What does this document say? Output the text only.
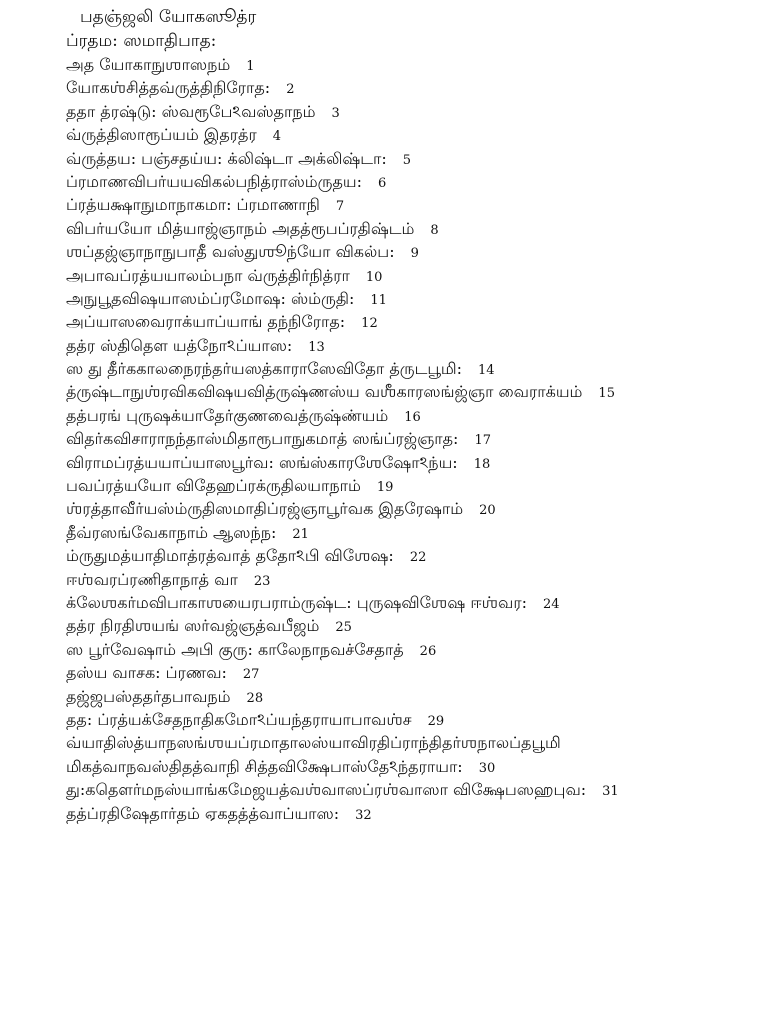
பதஞ்ஜலி யோகஸூத்ர
ப்ரதம: ஸமாதிபாத:
அத யோகாநுஶாஸநம் 1
யோகஶ்சித்தவ்ருத்திநிரோத: 2
ததா த்ரஷ்டு: ஸ்வரூபேঽவஸ்தாநம் 3
வ்ருத்திஸாரூப்யம் இதரத்ர 4
வ்ருத்தய: பஞ்சதய்ய: க்லிஷ்டா அக்லிஷ்டா: 5
ப்ரமாணவிபர்யயவிகல்பநித்ராஸ்ம்ருதய: 6
ப்ரத்யக்ஷாநுமாநாகமா: ப்ரமாணாநி 7
விபர்யயோ மித்யாஜ்ஞாநம் அதத்ரூபப்ரதிஷ்டம் 8
ஶப்தஜ்ஞாநாநுபாதீ வஸ்துஶூந்யோ விகல்ப: 9
அபாவப்ரத்யயாலம்பநா வ்ருத்திர்நித்ரா 10
அநுபூதவிஷயாஸம்ப்ரமோஷ: ஸ்ம்ருதி: 11
அப்யாஸவைராக்யாப்யாங் தந்நிரோத: 12
தத்ர ஸ்திதௌ யத்நோঽப்யாஸ: 13
ஸ து தீர்ககாலநைரந்தர்யஸத்காராஸேவிதோ த்ருடபூமி: 14
த்ருஷ்டாநுஶ்ரவிகவிஷயவித்ருஷ்ணஸ்ய வஶீகாரஸங்ஜ்ஞா வைராக்யம் 15
தத்பரங் புருஷக்யாதேர்குணவைத்ருஷ்ண்யம் 16
விதர்கவிசாராநந்தாஸ்மிதாரூபாநுகமாத் ஸங்ப்ரஜ்ஞாத: 17
விராமப்ரத்யயாப்யாஸபூர்வ: ஸங்ஸ்காரஶேஷோঽந்ய: 18
பவப்ரத்யயோ விதேஹப்ரக்ருதிலயாநாம் 19
ஶ்ரத்தாவீர்யஸ்ம்ருதிஸமாதிப்ரஜ்ஞாபூர்வக இதரேஷாம் 20
தீவ்ரஸங்வேகாநாம் ஆஸந்ந: 21
ம்ருதுமத்யாதிமாத்ரத்வாத் ததோঽபி விஶேஷ: 22
ஈஶ்வரப்ரணிதாநாத் வா 23
க்லேஶகர்மவிபாகாஶயைரபராம்ருஷ்ட: புருஷவிஶேஷ ஈஶ்வர: 24
தத்ர நிரதிஶயங் ஸர்வஜ்ஞத்வபீஜம் 25
ஸ பூர்வேஷாம் அபி குரு: காலேநாநவச்சேதாத் 26
தஸ்ய வாசக: ப்ரணவ: 27
தஜ்ஜபஸ்ததர்தபாவநம் 28
தத: ப்ரத்யக்சேதநாதிகமோঽப்யந்தராயாபாவஶ்ச 29
வ்யாதிஸ்த்யாநஸங்ஶயப்ரமாதாலஸ்யாவிரதிப்ராந்திதர்ஶநாலப்தபூமி
மிகத்வாநவஸ்திதத்வாநி சித்தவிக்ஷேபாஸ்தேঽந்தராயா: 30
து:கதௌர்மநஸ்யாங்கமேஜயத்வஶ்வாஸப்ரஶ்வாஸா விக்ஷேபஸஹபுவ: 31
தத்ப்ரதிஷேதார்தம் ஏகதத்த்வாப்யாஸ: 32
